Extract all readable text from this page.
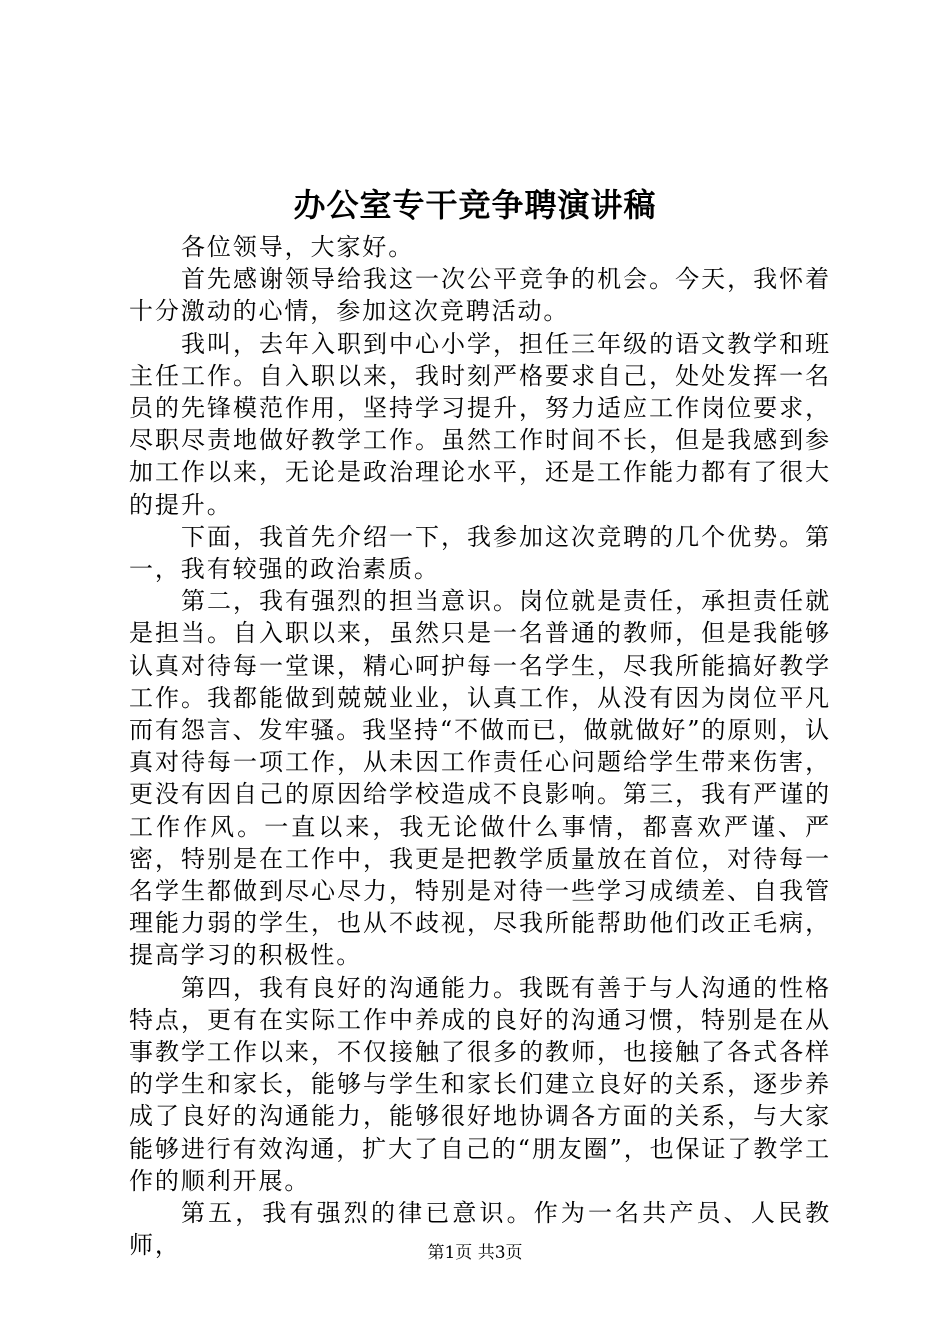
办公室专干竞争聘演讲稿

各位领导，大家好。

首先感谢领导给我这一次公平竞争的机会。今天，我怀着十分激动的心情，参加这次竞聘活动。

我叫，去年入职到中心小学，担任三年级的语文教学和班主任工作。自入职以来，我时刻严格要求自己，处处发挥一名员的先锋模范作用，坚持学习提升，努力适应工作岗位要求，尽职尽责地做好教学工作。虽然工作时间不长，但是我感到参加工作以来，无论是政治理论水平，还是工作能力都有了很大的提升。

下面，我首先介绍一下，我参加这次竞聘的几个优势。第一，我有较强的政治素质。

第二，我有强烈的担当意识。岗位就是责任，承担责任就是担当。自入职以来，虽然只是一名普通的教师，但是我能够认真对待每一堂课，精心呵护每一名学生，尽我所能搞好教学工作。我都能做到兢兢业业，认真工作，从没有因为岗位平凡而有怨言、发牢骚。我坚持“不做而已，做就做好”的原则，认真对待每一项工作，从未因工作责任心问题给学生带来伤害，更没有因自己的原因给学校造成不良影响。第三，我有严谨的工作作风。一直以来，我无论做什么事情，都喜欢严谨、严密，特别是在工作中，我更是把教学质量放在首位，对待每一名学生都做到尽心尽力，特别是对待一些学习成绩差、自我管理能力弱的学生，也从不歧视，尽我所能帮助他们改正毛病，提高学习的积极性。

第四，我有良好的沟通能力。我既有善于与人沟通的性格特点，更有在实际工作中养成的良好的沟通习惯，特别是在从事教学工作以来，不仅接触了很多的教师，也接触了各式各样的学生和家长，能够与学生和家长们建立良好的关系，逐步养成了良好的沟通能力，能够很好地协调各方面的关系，与大家能够进行有效沟通，扩大了自己的“朋友圈”，也保证了教学工作的顺利开展。

第五，我有强烈的律已意识。作为一名共产员、人民教师，	第1页 共3页
